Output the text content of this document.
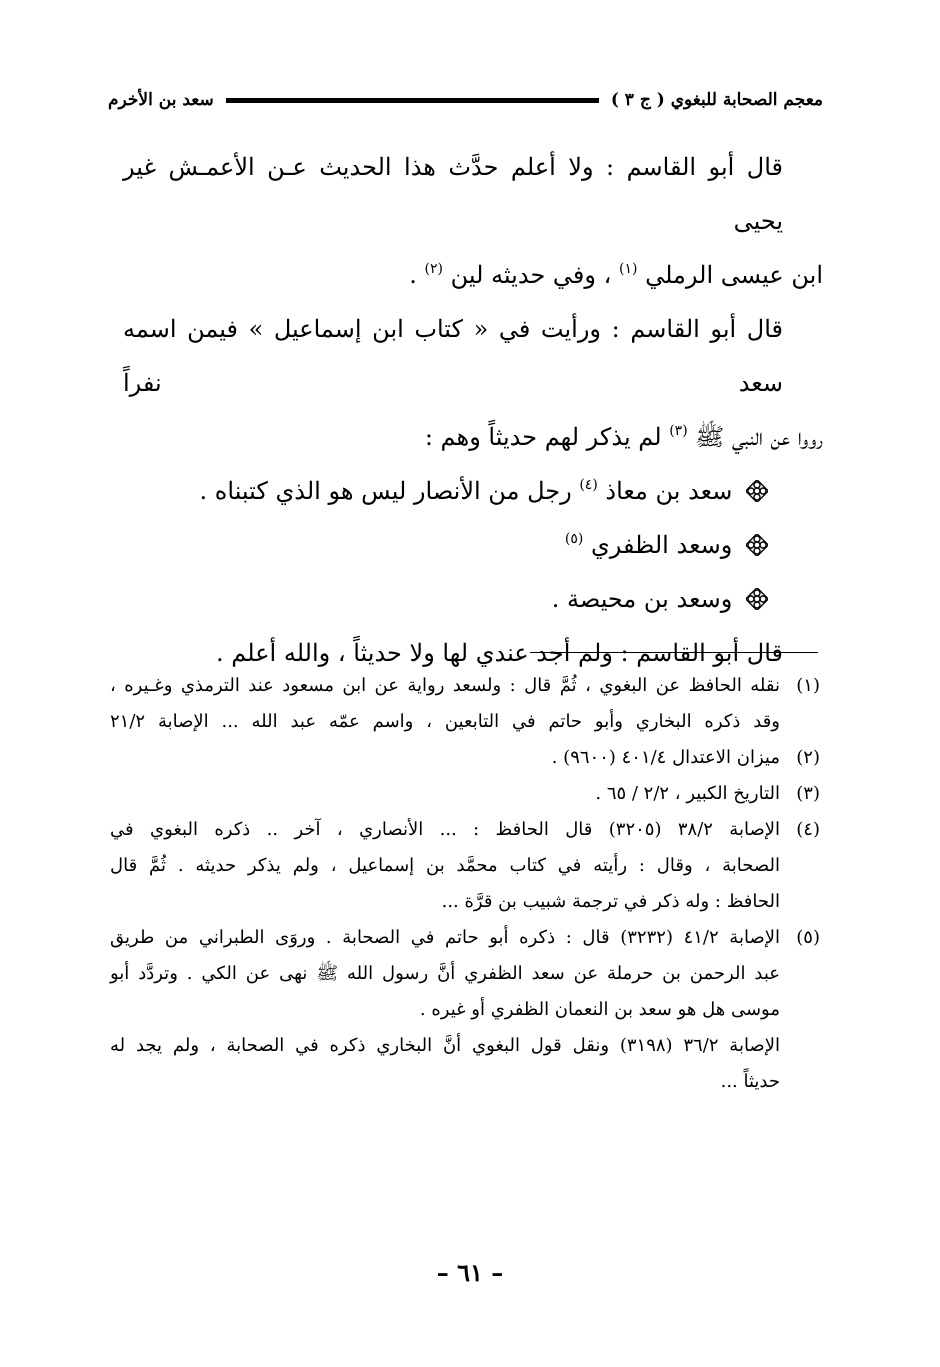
معجم الصحابة للبغوي ( ج ٣ )
سعد بن الأخرم

قال أبو القاسم : ولا أعلم حدَّث هذا الحديث عـن الأعمـش غير يحيى

ابن عيسى الرملي $^{(١)}$ ، وفي حديثه لين $^{(٢)}$ .

قال أبو القاسم : ورأيت في « كتاب ابن إسماعيل » فيمن اسمه سعد نفراً

رووا عن النبي ﷺ $^{(٣)}$ لم يذكر لهم حديثاً وهم :

سعد بن معاذ $^{(٤)}$ رجل من الأنصار ليس هو الذي كتبناه .

وسعد الظفري $^{(٥)}$

وسعد بن محيصة .

قال أبو القاسم : ولم أجد عندي لها ولا حديثاً ، والله أعلم .

(١)
نقله الحافظ عن البغوي ، ثُمَّ قال : ولسعد رواية عن ابن مسعود عند الترمذي وغـيره ،
وقد ذكره البخاري وأبو حاتم في التابعين ، واسم عمّه عبد الله ... الإصابة ٢١/٢
(٢)
ميزان الاعتدال ٤٠١/٤ (٩٦٠٠) .
(٣)
التاريخ الكبير ، ٢/٢ / ٦٥ .
(٤)
الإصابة ٣٨/٢ (٣٢٠٥) قال الحافظ : ... الأنصاري ، آخر .. ذكره البغوي في
الصحابة ، وقال : رأيته في كتاب محمَّد بن إسماعيل ، ولم يذكر حديثه . ثُمَّ قال
الحافظ : وله ذكر في ترجمة شبيب بن قرَّة ...
(٥)
الإصابة ٤١/٢ (٣٢٣٢) قال : ذكره أبو حاتم في الصحابة . وروَى الطبراني من طريق
عبد الرحمن بن حرملة عن سعد الظفري أنَّ رسول الله ﷺ نهى عن الكي . وتردَّد أبو
موسى هل هو سعد بن النعمان الظفري أو غيره .
الإصابة ٣٦/٢ (٣١٩٨) ونقل قول البغوي أنَّ البخاري ذكره في الصحابة ، ولم يجد له
حديثاً ...
– ٦١ –
